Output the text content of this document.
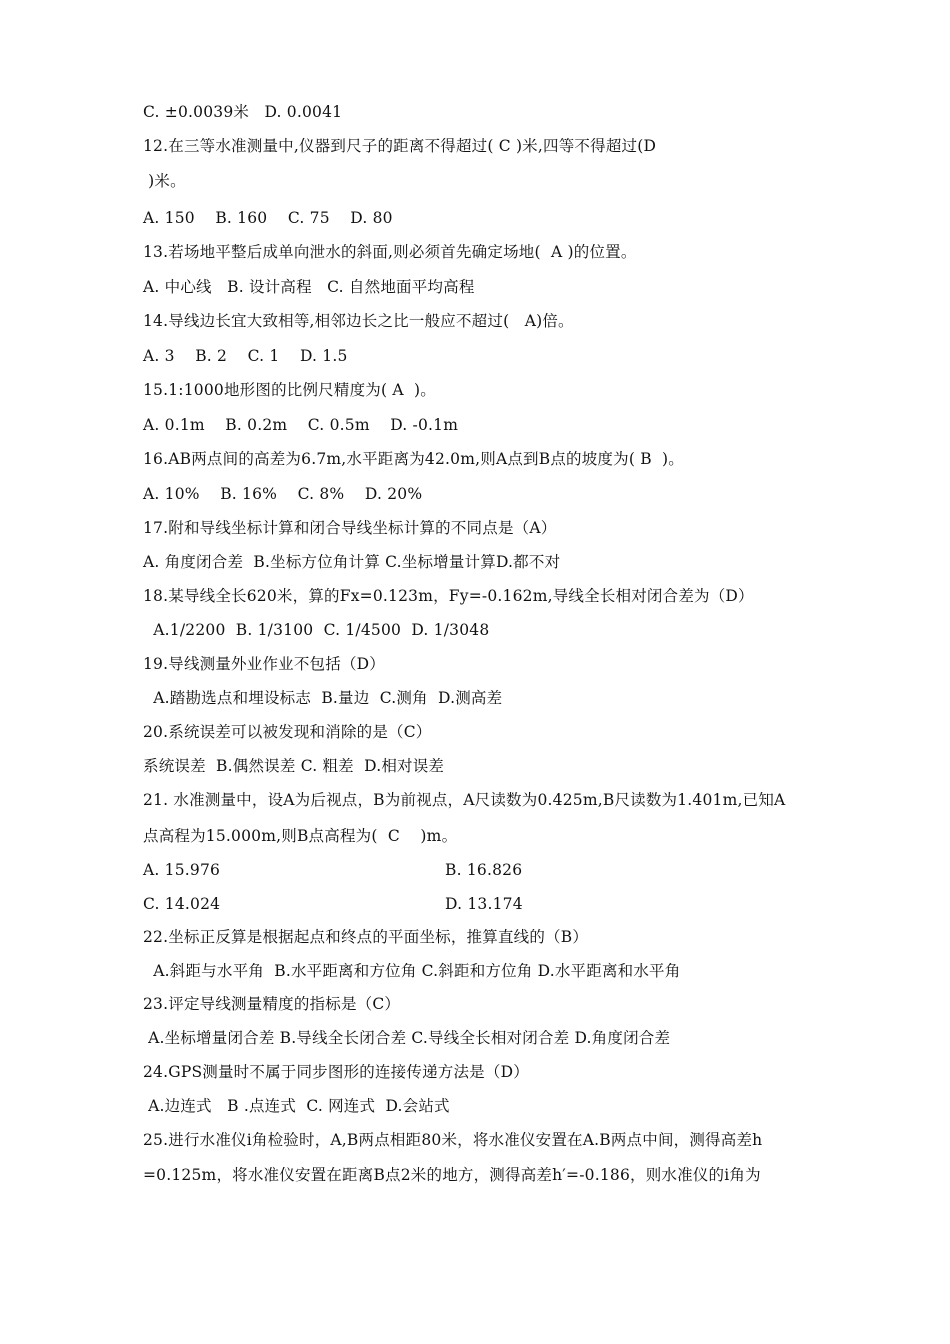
C. ±0.0039米   D. 0.0041
12.在三等水准测量中,仪器到尺子的距离不得超过( C )米,四等不得超过(D
)米。
A. 150    B. 160    C. 75    D. 80
13.若场地平整后成单向泄水的斜面,则必须首先确定场地(  A )的位置。
A. 中心线   B. 设计高程   C. 自然地面平均高程
14.导线边长宜大致相等,相邻边长之比一般应不超过(   A)倍。
A. 3    B. 2    C. 1    D. 1.5
15.1:1000地形图的比例尺精度为( A  )。
A. 0.1m    B. 0.2m    C. 0.5m    D. -0.1m
16.AB两点间的高差为6.7m,水平距离为42.0m,则A点到B点的坡度为( B  )。
A. 10%    B. 16%    C. 8%    D. 20%
17.附和导线坐标计算和闭合导线坐标计算的不同点是（A）
A. 角度闭合差  B.坐标方位角计算 C.坐标增量计算D.都不对
18.某导线全长620米，算的Fx=0.123m，Fy=-0.162m,导线全长相对闭合差为（D）
A.1/2200  B. 1/3100  C. 1/4500  D. 1/3048
19.导线测量外业作业不包括（D）
A.踏勘选点和埋设标志  B.量边  C.测角  D.测高差
20.系统误差可以被发现和消除的是（C）
系统误差  B.偶然误差 C. 粗差  D.相对误差
21. 水准测量中，设A为后视点，B为前视点，A尺读数为0.425m,B尺读数为1.401m,已知A
点高程为15.000m,则B点高程为(  C    )m。
A. 15.976	B. 16.826
C. 14.024	D. 13.174
22.坐标正反算是根据起点和终点的平面坐标，推算直线的（B）
A.斜距与水平角  B.水平距离和方位角 C.斜距和方位角 D.水平距离和水平角
23.评定导线测量精度的指标是（C）
A.坐标增量闭合差 B.导线全长闭合差 C.导线全长相对闭合差 D.角度闭合差
24.GPS测量时不属于同步图形的连接传递方法是（D）
A.边连式   B .点连式  C. 网连式  D.会站式
25.进行水准仪i角检验时，A,B两点相距80米，将水准仪安置在A.B两点中间，测得高差h
=0.125m，将水准仪安置在距离B点2米的地方，测得高差h′=-0.186，则水准仪的i角为
